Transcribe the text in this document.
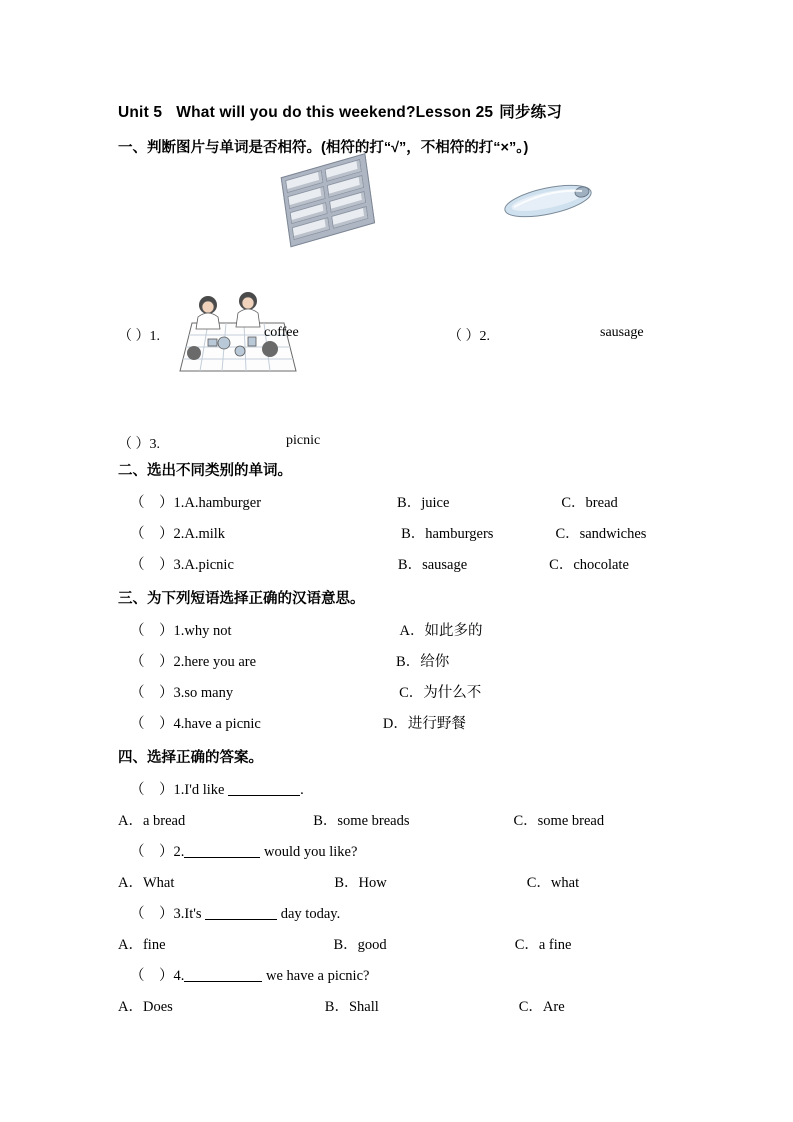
Unit 5 What will you do this weekend?Lesson 25 同步练习
一、判断图片与单词是否相符。(相符的打“√”，不相符的打“×”。)
（ ）1.	coffee	（ ）2.	sausage
（ ）3.	picnic
二、选出不同类别的单词。
（    ）1.A.hamburger	B．juice	C．bread
（    ）2.A.milk	B．hamburgers	C．sandwiches
（    ）3.A.picnic	B．sausage	C．chocolate
三、为下列短语选择正确的汉语意思。
（    ）1.why not	A．如此多的
（    ）2.here you are	B．给你
（    ）3.so many	C．为什么不
（    ）4.have a picnic	D．进行野餐
四、选择正确的答案。
（    ）1.I'd like	.
A．a bread	B．some breads	C．some bread
（    ）2.	would you like?
A．What	B．How	C．what
（    ）3.It's	day today.
A．fine	B．good	C．a fine
（    ）4.	we have a picnic?
A．Does	B．Shall	C．Are
